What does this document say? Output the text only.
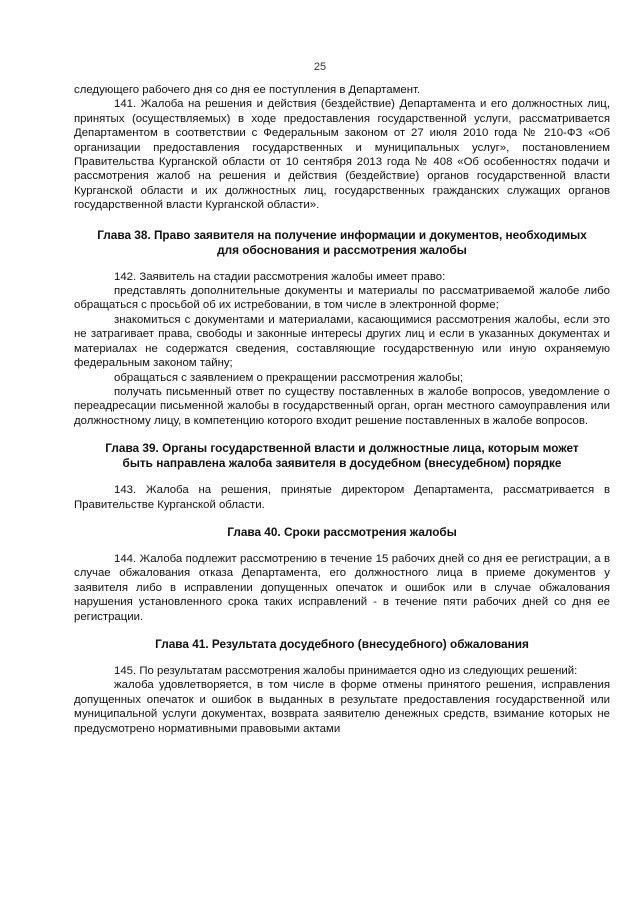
25

следующего рабочего дня со дня ее поступления в Департамент.

141. Жалоба на решения и действия (бездействие) Департамента и его должностных лиц, принятых (осуществляемых) в ходе предоставления государственной услуги, рассматривается Департаментом в соответствии с Федеральным законом от 27 июля 2010 года № 210-ФЗ «Об организации предоставления государственных и муниципальных услуг», постановлением Правительства Курганской области от 10 сентября 2013 года № 408 «Об особенностях подачи и рассмотрения жалоб на решения и действия (бездействие) органов государственной власти Курганской области и их должностных лиц, государственных гражданских служащих органов государственной власти Курганской области».

Глава 38. Право заявителя на получение информации и документов, необходимых для обоснования и рассмотрения жалобы

142. Заявитель на стадии рассмотрения жалобы имеет право:

представлять дополнительные документы и материалы по рассматриваемой жалобе либо обращаться с просьбой об их истребовании, в том числе в электронной форме;

знакомиться с документами и материалами, касающимися рассмотрения жалобы, если это не затрагивает права, свободы и законные интересы других лиц и если в указанных документах и материалах не содержатся сведения, составляющие государственную или иную охраняемую федеральным законом тайну;

обращаться с заявлением о прекращении рассмотрения жалобы;

получать письменный ответ по существу поставленных в жалобе вопросов, уведомление о переадресации письменной жалобы в государственный орган, орган местного самоуправления или должностному лицу, в компетенцию которого входит решение поставленных в жалобе вопросов.

Глава 39. Органы государственной власти и должностные лица, которым может быть направлена жалоба заявителя в досудебном (внесудебном) порядке

143. Жалоба на решения, принятые директором Департамента, рассматривается в Правительстве Курганской области.

Глава 40. Сроки рассмотрения жалобы

144. Жалоба подлежит рассмотрению в течение 15 рабочих дней со дня ее регистрации, а в случае обжалования отказа Департамента, его должностного лица в приеме документов у заявителя либо в исправлении допущенных опечаток и ошибок или в случае обжалования нарушения установленного срока таких исправлений - в течение пяти рабочих дней со дня ее регистрации.

Глава 41. Результата досудебного (внесудебного) обжалования

145. По результатам рассмотрения жалобы принимается одно из следующих решений:

жалоба удовлетворяется, в том числе в форме отмены принятого решения, исправления допущенных опечаток и ошибок в выданных в результате предоставления государственной или муниципальной услуги документах, возврата заявителю денежных средств, взимание которых не предусмотрено нормативными правовыми актами
